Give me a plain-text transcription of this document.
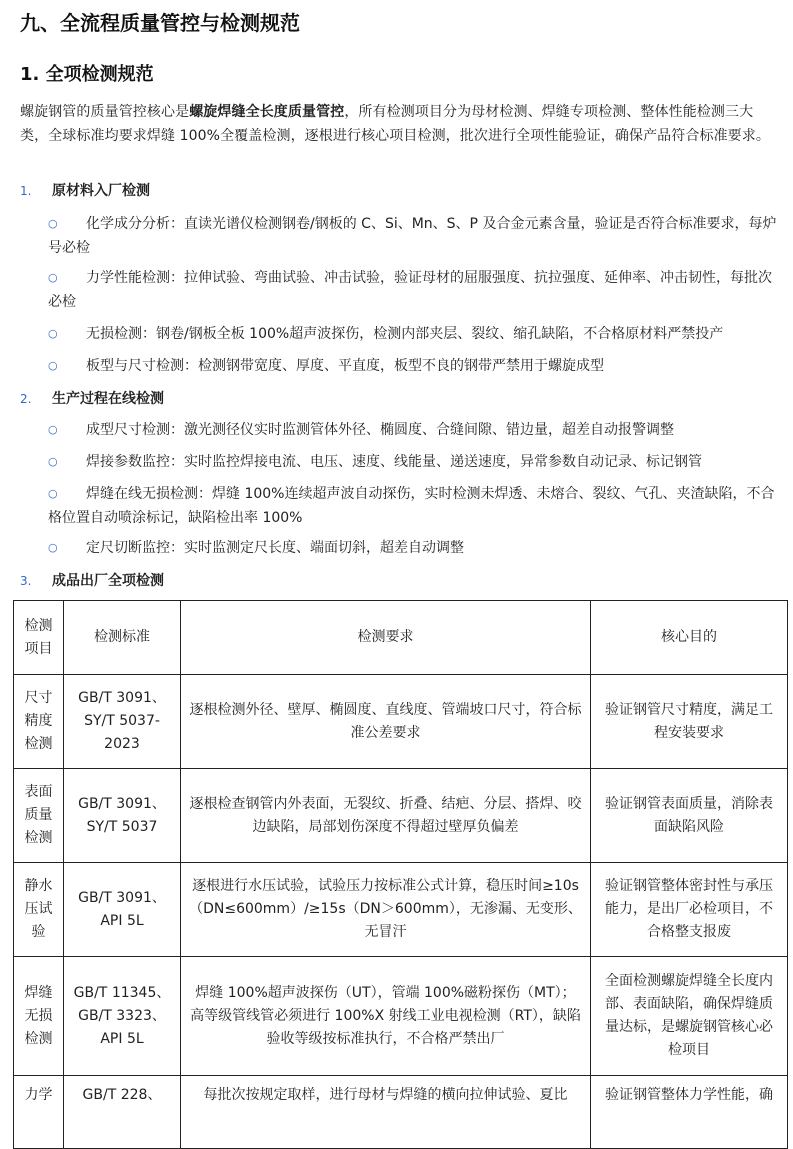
九、全流程质量管控与检测规范
1. 全项检测规范

螺旋钢管的质量管控核心是螺旋焊缝全长度质量管控，所有检测项目分为母材检测、焊缝专项检测、整体性能检测三大类，全球标准均要求焊缝 100%全覆盖检测，逐根进行核心项目检测，批次进行全项性能验证，确保产品符合标准要求。

1. 原材料入厂检测

○ 化学成分分析：直读光谱仪检测钢卷/钢板的 C、Si、Mn、S、P 及合金元素含量，验证是否符合标准要求，每炉号必检

○ 力学性能检测：拉伸试验、弯曲试验、冲击试验，验证母材的屈服强度、抗拉强度、延伸率、冲击韧性，每批次必检

○ 无损检测：钢卷/钢板全板 100%超声波探伤，检测内部夹层、裂纹、缩孔缺陷，不合格原材料严禁投产

○ 板型与尺寸检测：检测钢带宽度、厚度、平直度，板型不良的钢带严禁用于螺旋成型

2. 生产过程在线检测

○ 成型尺寸检测：激光测径仪实时监测管体外径、椭圆度、合缝间隙、错边量，超差自动报警调整

○ 焊接参数监控：实时监控焊接电流、电压、速度、线能量、递送速度，异常参数自动记录、标记钢管

○ 焊缝在线无损检测：焊缝 100%连续超声波自动探伤，实时检测未焊透、未熔合、裂纹、气孔、夹渣缺陷，不合格位置自动喷涂标记，缺陷检出率 100%

○ 定尺切断监控：实时监测定尺长度、端面切斜，超差自动调整

3. 成品出厂全项检测
检测项目	检测标准	检测要求	核心目的
尺寸精度检测	GB/T 3091、SY/T 5037-2023	逐根检测外径、壁厚、椭圆度、直线度、管端坡口尺寸，符合标准公差要求	验证钢管尺寸精度，满足工程安装要求
表面质量检测	GB/T 3091、SY/T 5037	逐根检查钢管内外表面，无裂纹、折叠、结疤、分层、搭焊、咬边缺陷，局部划伤深度不得超过壁厚负偏差	验证钢管表面质量，消除表面缺陷风险
静水压试验	GB/T 3091、API 5L	逐根进行水压试验，试验压力按标准公式计算，稳压时间≥10s（DN≤600mm）/≥15s（DN＞600mm），无渗漏、无变形、无冒汗	验证钢管整体密封性与承压能力，是出厂必检项目，不合格整支报废
焊缝无损检测	GB/T 11345、GB/T 3323、API 5L	焊缝 100%超声波探伤（UT），管端 100%磁粉探伤（MT）；高等级管线管必须进行 100%X 射线工业电视检测（RT），缺陷验收等级按标准执行，不合格严禁出厂	全面检测螺旋焊缝全长度内部、表面缺陷，确保焊缝质量达标，是螺旋钢管核心必检项目
力学	GB/T 228、	每批次按规定取样，进行母材与焊缝的横向拉伸试验、夏比	验证钢管整体力学性能，确
